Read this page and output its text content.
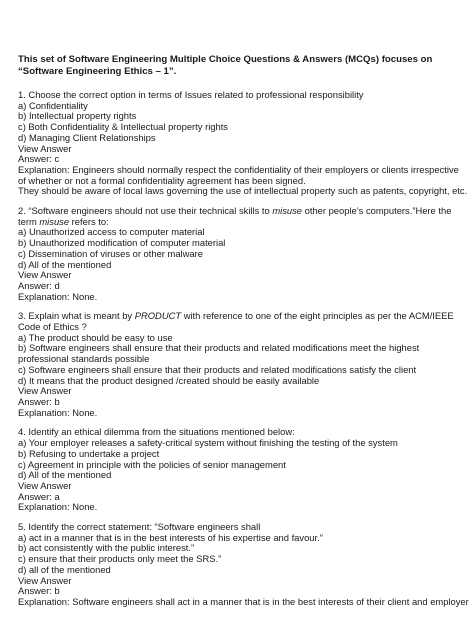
This set of Software Engineering Multiple Choice Questions & Answers (MCQs) focuses on
“Software Engineering Ethics – 1”.
1. Choose the correct option in terms of Issues related to professional responsibility
a) Confidentiality
b) Intellectual property rights
c) Both Confidentiality & Intellectual property rights
d) Managing Client Relationships
View Answer
Answer: c
Explanation: Engineers should normally respect the confidentiality of their employers or clients irrespective
of whether or not a formal confidentiality agreement has been signed.
They should be aware of local laws governing the use of intellectual property such as patents, copyright, etc.
2. “Software engineers should not use their technical skills to misuse other people’s computers.”Here the
term misuse refers to:
a) Unauthorized access to computer material
b) Unauthorized modification of computer material
c) Dissemination of viruses or other malware
d) All of the mentioned
View Answer
Answer: d
Explanation: None.
3. Explain what is meant by PRODUCT with reference to one of the eight principles as per the ACM/IEEE
Code of Ethics ?
a) The product should be easy to use
b) Software engineers shall ensure that their products and related modifications meet the highest
professional standards possible
c) Software engineers shall ensure that their products and related modifications satisfy the client
d) It means that the product designed /created should be easily available
View Answer
Answer: b
Explanation: None.
4. Identify an ethical dilemma from the situations mentioned below:
a) Your employer releases a safety-critical system without finishing the testing of the system
b) Refusing to undertake a project
c) Agreement in principle with the policies of senior management
d) All of the mentioned
View Answer
Answer: a
Explanation: None.
5. Identify the correct statement: “Software engineers shall
a) act in a manner that is in the best interests of his expertise and favour.”
b) act consistently with the public interest.”
c) ensure that their products only meet the SRS.”
d) all of the mentioned
View Answer
Answer: b
Explanation: Software engineers shall act in a manner that is in the best interests of their client and employer
